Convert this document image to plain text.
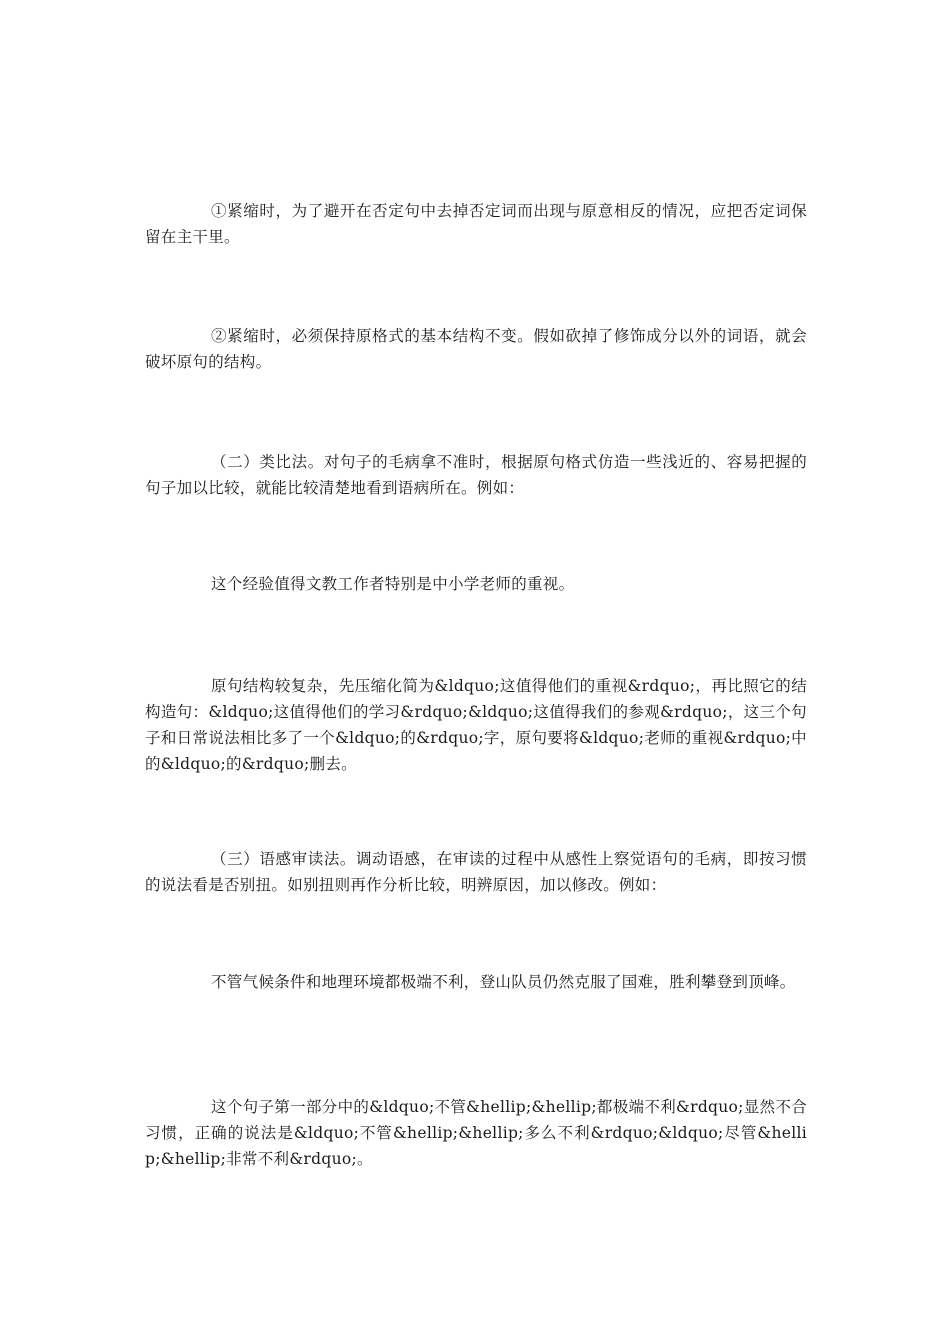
①紧缩时，为了避开在否定句中去掉否定词而出现与原意相反的情况，应把否定词保留在主干里。

②紧缩时，必须保持原格式的基本结构不变。假如砍掉了修饰成分以外的词语，就会破坏原句的结构。

（二）类比法。对句子的毛病拿不准时，根据原句格式仿造一些浅近的、容易把握的句子加以比较，就能比较清楚地看到语病所在。例如：

这个经验值得文教工作者特别是中小学老师的重视。

原句结构较复杂，先压缩化简为&ldquo;这值得他们的重视&rdquo;，再比照它的结构造句：&ldquo;这值得他们的学习&rdquo;&ldquo;这值得我们的参观&rdquo;，这三个句子和日常说法相比多了一个&ldquo;的&rdquo;字，原句要将&ldquo;老师的重视&rdquo;中的&ldquo;的&rdquo;删去。

（三）语感审读法。调动语感，在审读的过程中从感性上察觉语句的毛病，即按习惯的说法看是否别扭。如别扭则再作分析比较，明辨原因，加以修改。例如：

不管气候条件和地理环境都极端不利，登山队员仍然克服了国难，胜利攀登到顶峰。

这个句子第一部分中的&ldquo;不管&hellip;&hellip;都极端不利&rdquo;显然不合习惯，正确的说法是&ldquo;不管&hellip;&hellip;多么不利&rdquo;&ldquo;尽管&hellip;&hellip;非常不利&rdquo;。
